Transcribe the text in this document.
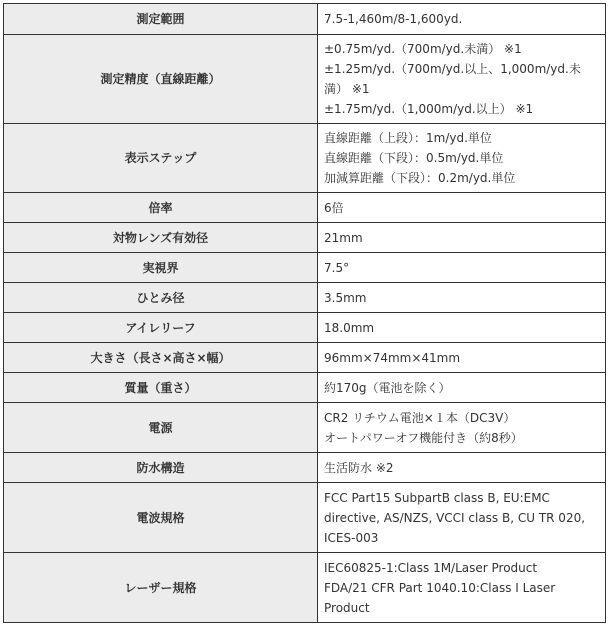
測定範囲	7.5-1,460m/8-1,600yd.

測定精度（直線距離）	±0.75m/yd.（700m/yd.未満） ※1
±1.25m/yd.（700m/yd.以上、1,000m/yd.未満） ※1
±1.75m/yd.（1,000m/yd.以上） ※1

表示ステップ	直線距離（上段）：1m/yd.単位
直線距離（下段）：0.5m/yd.単位
加減算距離（下段）：0.2m/yd.単位

倍率	6倍

対物レンズ有効径	21mm

実視界	7.5°

ひとみ径	3.5mm

アイレリーフ	18.0mm

大きさ（長さ×高さ×幅）	96mm×74mm×41mm

質量（重さ）	約170g（電池を除く）

電源	CR2 リチウム電池×１本（DC3V）
オートパワーオフ機能付き（約8秒）

防水構造	生活防水 ※2

電波規格	FCC Part15 SubpartB class B, EU:EMC directive, AS/NZS, VCCI class B, CU TR 020, ICES-003

レーザー規格	IEC60825-1:Class 1M/Laser Product
FDA/21 CFR Part 1040.10:Class I Laser Product
